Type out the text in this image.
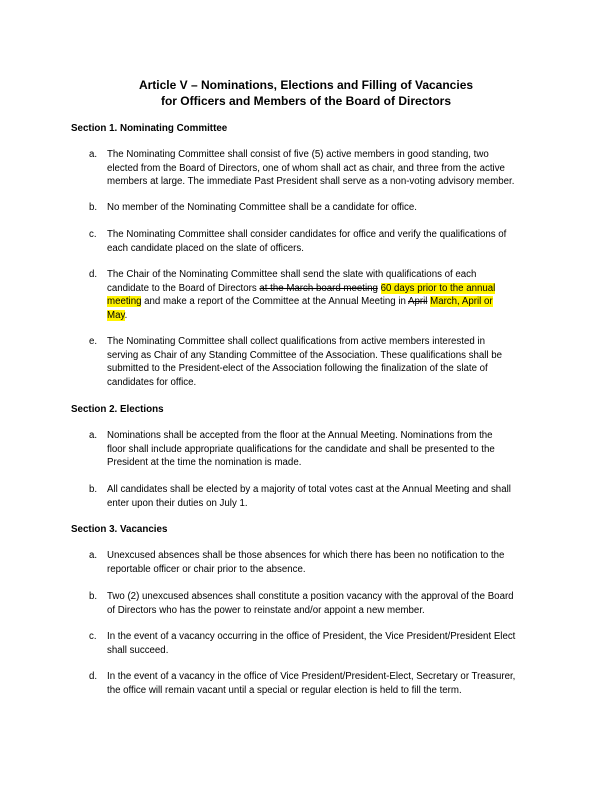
Article V – Nominations, Elections and Filling of Vacancies
for Officers and Members of the Board of Directors
Section 1. Nominating Committee
a. The Nominating Committee shall consist of five (5) active members in good standing, two
elected from the Board of Directors, one of whom shall act as chair, and three from the active
members at large. The immediate Past President shall serve as a non-voting advisory member.
b. No member of the Nominating Committee shall be a candidate for office.
c. The Nominating Committee shall consider candidates for office and verify the qualifications of
each candidate placed on the slate of officers.
d. The Chair of the Nominating Committee shall send the slate with qualifications of each
candidate to the Board of Directors at the March board meeting 60 days prior to the annual
meeting and make a report of the Committee at the Annual Meeting in April March, April or
May.
e. The Nominating Committee shall collect qualifications from active members interested in
serving as Chair of any Standing Committee of the Association. These qualifications shall be
submitted to the President-elect of the Association following the finalization of the slate of
candidates for office.
Section 2. Elections
a. Nominations shall be accepted from the floor at the Annual Meeting. Nominations from the
floor shall include appropriate qualifications for the candidate and shall be presented to the
President at the time the nomination is made.
b. All candidates shall be elected by a majority of total votes cast at the Annual Meeting and shall
enter upon their duties on July 1.
Section 3. Vacancies
a. Unexcused absences shall be those absences for which there has been no notification to the
reportable officer or chair prior to the absence.
b. Two (2) unexcused absences shall constitute a position vacancy with the approval of the Board
of Directors who has the power to reinstate and/or appoint a new member.
c. In the event of a vacancy occurring in the office of President, the Vice President/President Elect
shall succeed.
d. In the event of a vacancy in the office of Vice President/President-Elect, Secretary or Treasurer,
the office will remain vacant until a special or regular election is held to fill the term.
